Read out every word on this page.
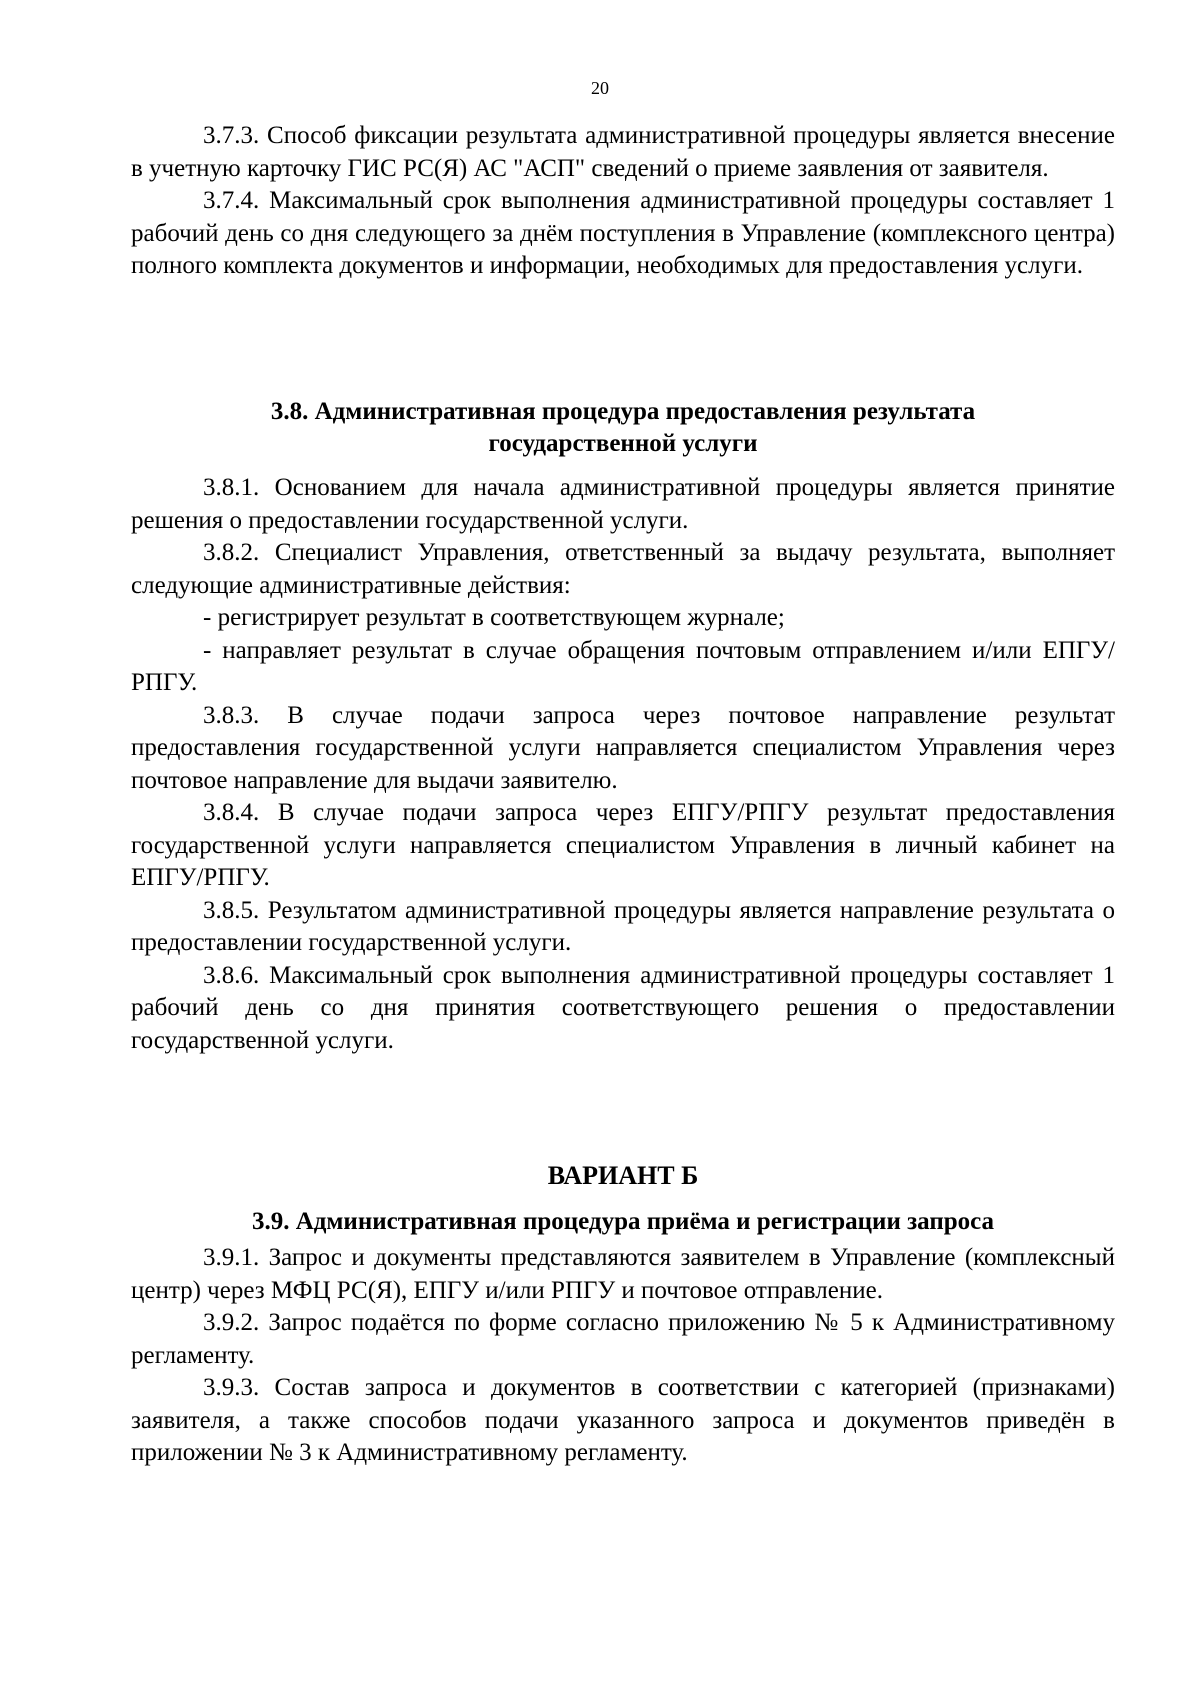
20

3.7.3. Способ фиксации результата административной процедуры является внесение в учетную карточку ГИС РС(Я) АС "АСП" сведений о приеме заявления от заявителя.

3.7.4. Максимальный срок выполнения административной процедуры составляет 1 рабочий день со дня следующего за днём поступления в Управление (комплексного центра) полного комплекта документов и информации, необходимых для предоставления услуги.

3.8. Административная процедура предоставления результата
государственной услуги

3.8.1. Основанием для начала административной процедуры является принятие решения о предоставлении государственной услуги.

3.8.2. Специалист Управления, ответственный за выдачу результата, выполняет следующие административные действия:

- регистрирует результат в соответствующем журнале;

- направляет результат в случае обращения почтовым отправлением и/или ЕПГУ/РПГУ.

3.8.3. В случае подачи запроса через почтовое направление результат предоставления государственной услуги направляется специалистом Управления через почтовое направление для выдачи заявителю.

3.8.4. В случае подачи запроса через ЕПГУ/РПГУ результат предоставления государственной услуги направляется специалистом Управления в личный кабинет на ЕПГУ/РПГУ.

3.8.5. Результатом административной процедуры является направление результата о предоставлении государственной услуги.

3.8.6. Максимальный срок выполнения административной процедуры составляет 1 рабочий день со дня принятия соответствующего решения о предоставлении государственной услуги.

ВАРИАНТ Б
3.9. Административная процедура приёма и регистрации запроса

3.9.1. Запрос и документы представляются заявителем в Управление (комплексный центр) через МФЦ РС(Я), ЕПГУ и/или РПГУ и почтовое отправление.

3.9.2. Запрос подаётся по форме согласно приложению № 5 к Административному регламенту.

3.9.3. Состав запроса и документов в соответствии с категорией (признаками) заявителя, а также способов подачи указанного запроса и документов приведён в приложении № 3 к Административному регламенту.
